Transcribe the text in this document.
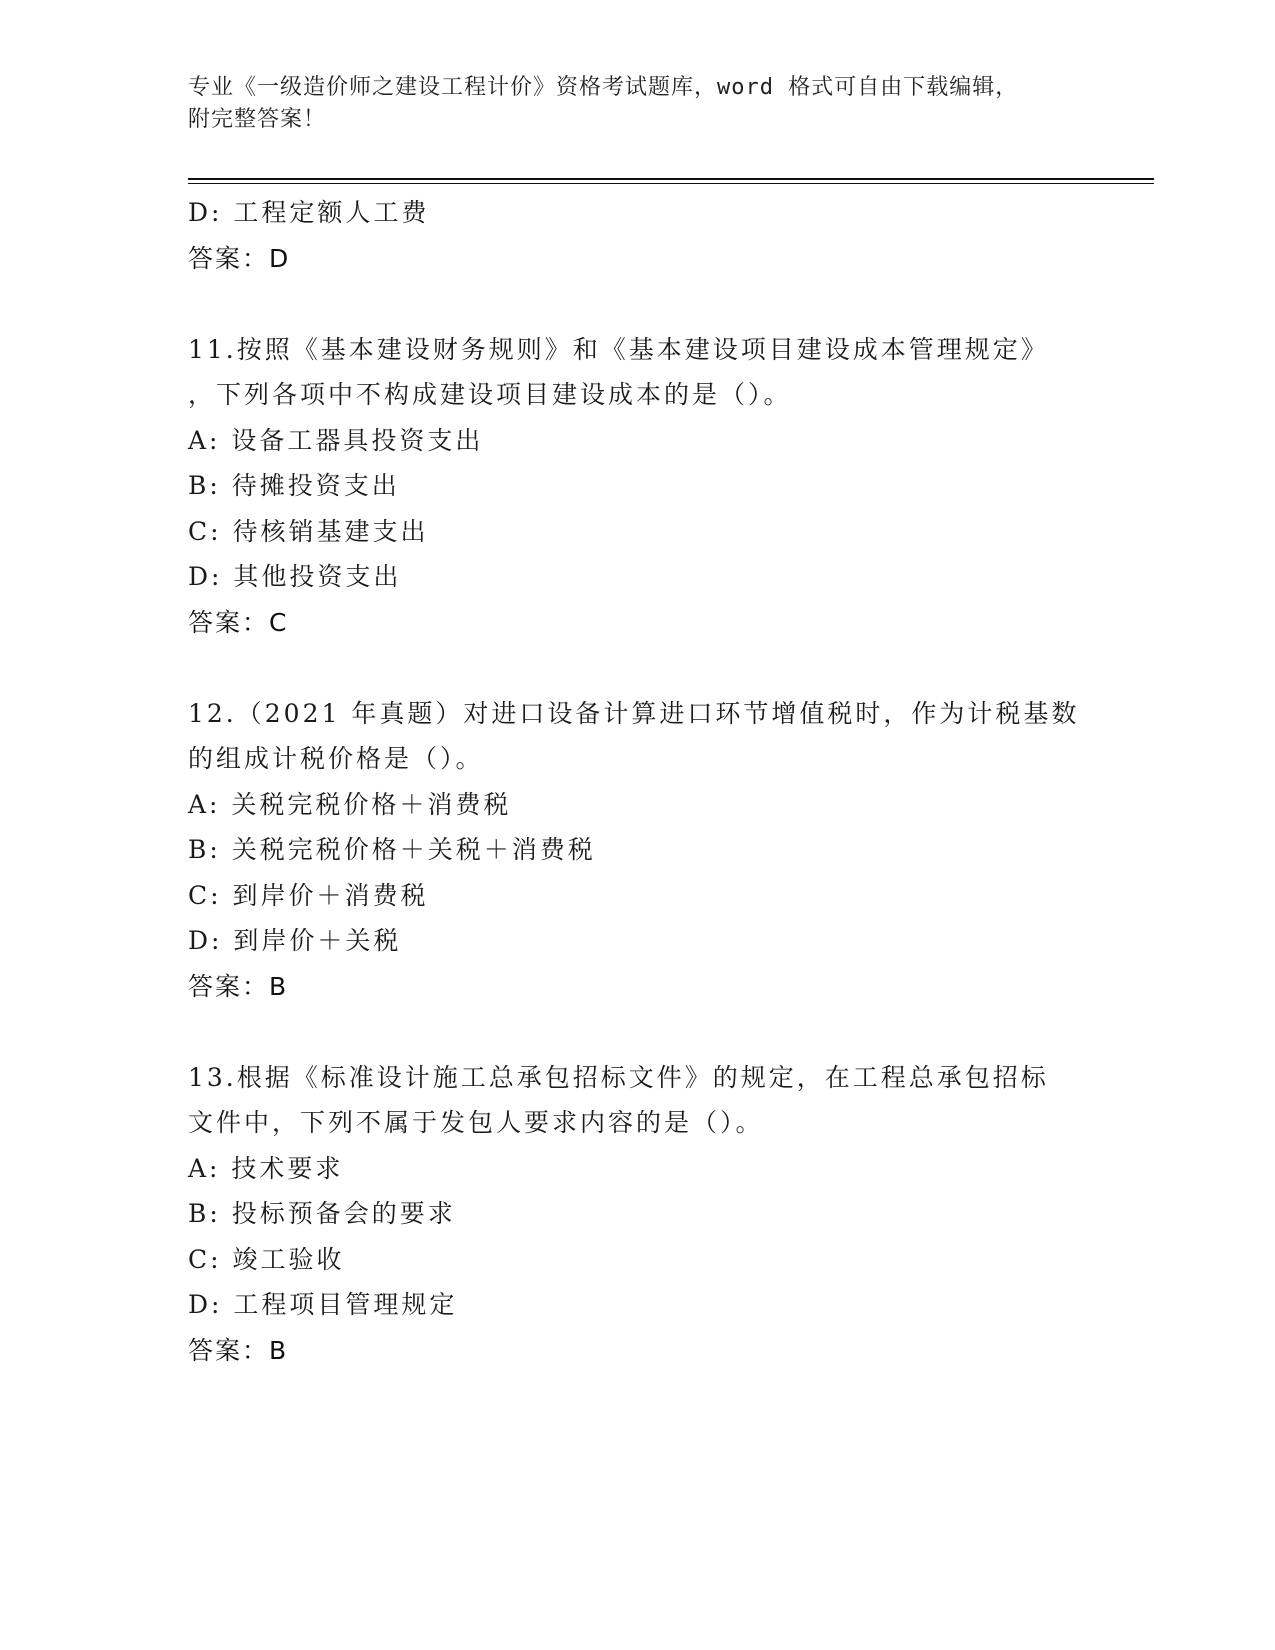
专业《一级造价师之建设工程计价》资格考试题库，word 格式可自由下载编辑，
附完整答案！
D: 工程定额人工费
答案：D
11.按照《基本建设财务规则》和《基本建设项目建设成本管理规定》
，下列各项中不构成建设项目建设成本的是（）。
A: 设备工器具投资支出
B: 待摊投资支出
C: 待核销基建支出
D: 其他投资支出
答案：C
12.（2021 年真题）对进口设备计算进口环节增值税时，作为计税基数
的组成计税价格是（）。
A: 关税完税价格＋消费税
B: 关税完税价格＋关税＋消费税
C: 到岸价＋消费税
D: 到岸价＋关税
答案：B
13.根据《标准设计施工总承包招标文件》的规定，在工程总承包招标
文件中，下列不属于发包人要求内容的是（）。
A: 技术要求
B: 投标预备会的要求
C: 竣工验收
D: 工程项目管理规定
答案：B
